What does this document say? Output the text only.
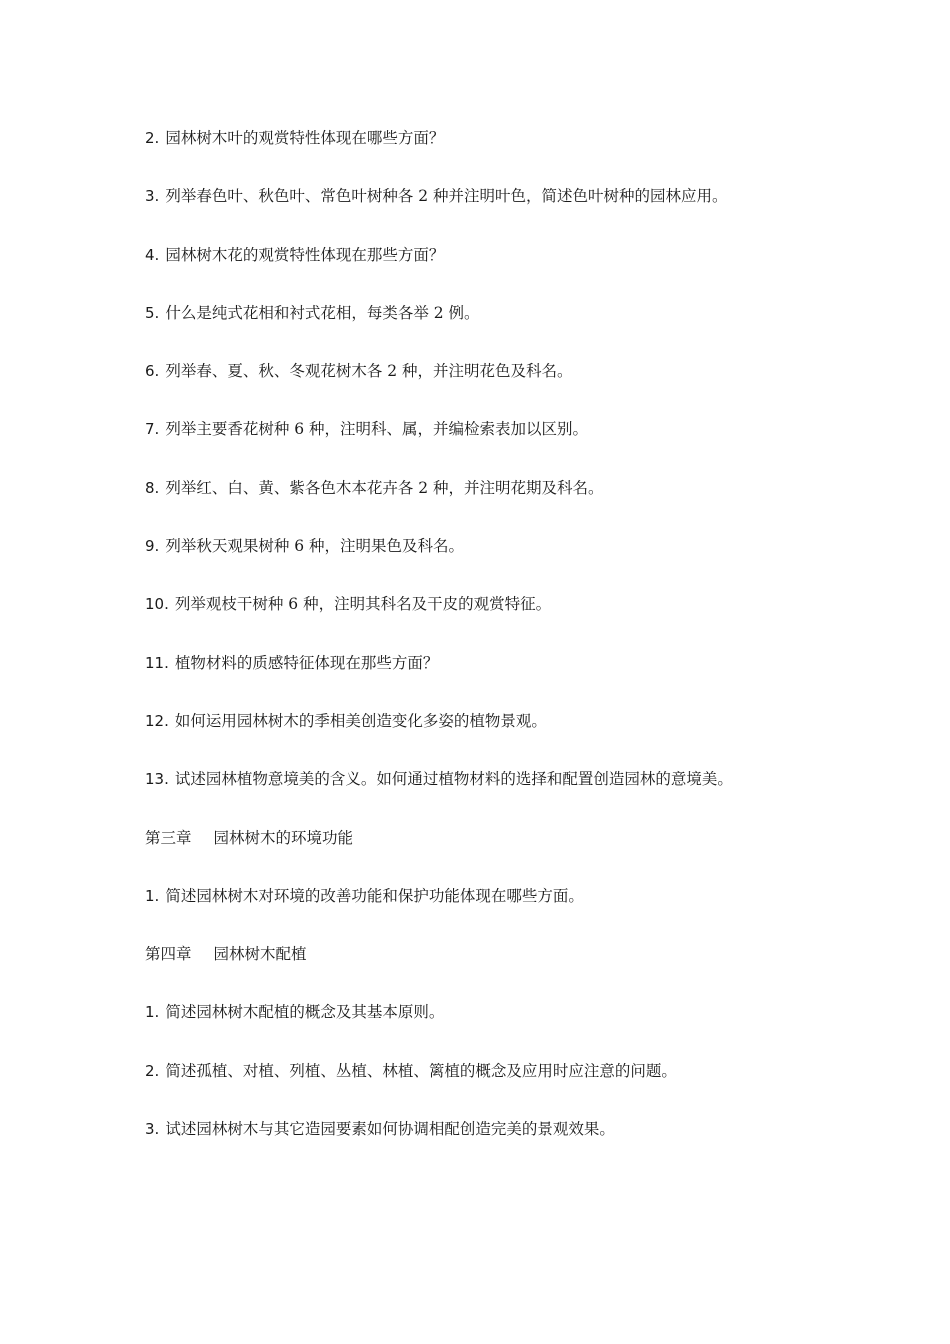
2. 园林树木叶的观赏特性体现在哪些方面？
3. 列举春色叶、秋色叶、常色叶树种各 2 种并注明叶色，简述色叶树种的园林应用。
4. 园林树木花的观赏特性体现在那些方面？
5. 什么是纯式花相和衬式花相，每类各举 2 例。
6. 列举春、夏、秋、冬观花树木各 2 种，并注明花色及科名。
7. 列举主要香花树种 6 种，注明科、属，并编检索表加以区别。
8. 列举红、白、黄、紫各色木本花卉各 2 种，并注明花期及科名。
9. 列举秋天观果树种 6 种，注明果色及科名。
10. 列举观枝干树种 6 种，注明其科名及干皮的观赏特征。
11. 植物材料的质感特征体现在那些方面？
12. 如何运用园林树木的季相美创造变化多姿的植物景观。
13. 试述园林植物意境美的含义。如何通过植物材料的选择和配置创造园林的意境美。
第三章 园林树木的环境功能
1. 简述园林树木对环境的改善功能和保护功能体现在哪些方面。
第四章 园林树木配植
1. 简述园林树木配植的概念及其基本原则。
2. 简述孤植、对植、列植、丛植、林植、篱植的概念及应用时应注意的问题。
3. 试述园林树木与其它造园要素如何协调相配创造完美的景观效果。
